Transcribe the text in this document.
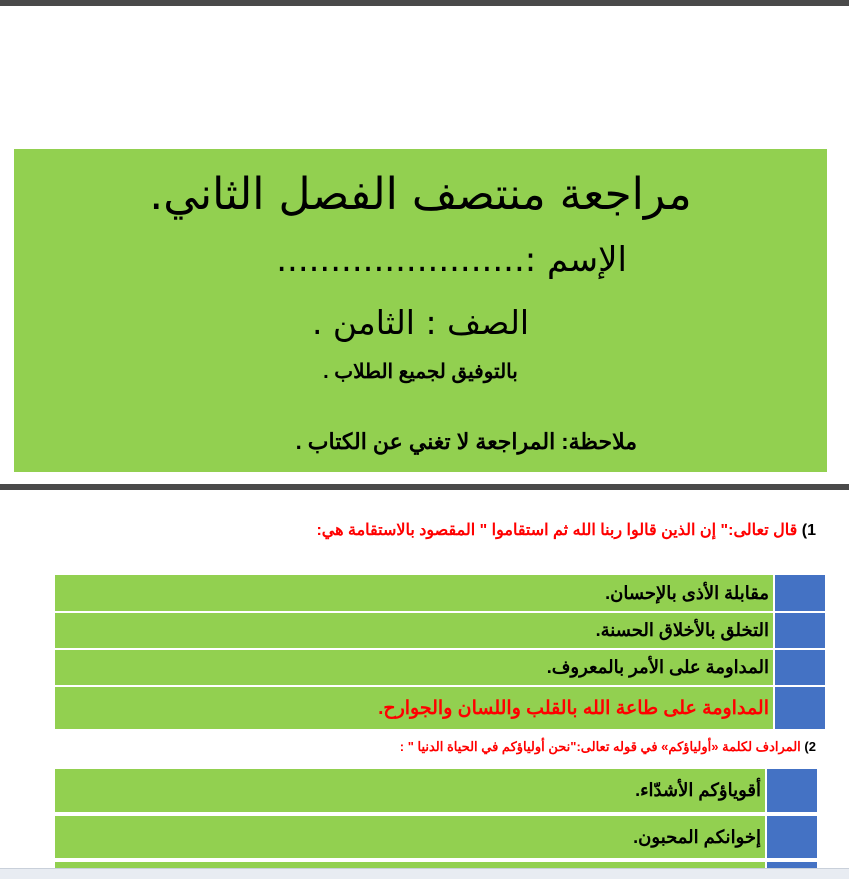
مراجعة منتصف الفصل الثاني.
الإسم :.......................
الصف : الثامن .
بالتوفيق لجميع الطلاب .
ملاحظة: المراجعة لا تغني عن الكتاب .
1) قال تعالى:" إن الذين قالوا ربنا الله ثم استقاموا " المقصود بالاستقامة هي:
مقابلة الأذى بالإحسان.
التخلق بالأخلاق الحسنة.
المداومة على الأمر بالمعروف.
المداومة على طاعة الله بالقلب واللسان والجوارح.
2) المرادف لكلمة «أولياؤكم» في قوله تعالى:"نحن أولياؤكم في الحياة الدنيا " :
أقوياؤكم الأشدّاء.
إخوانكم المحبون.
